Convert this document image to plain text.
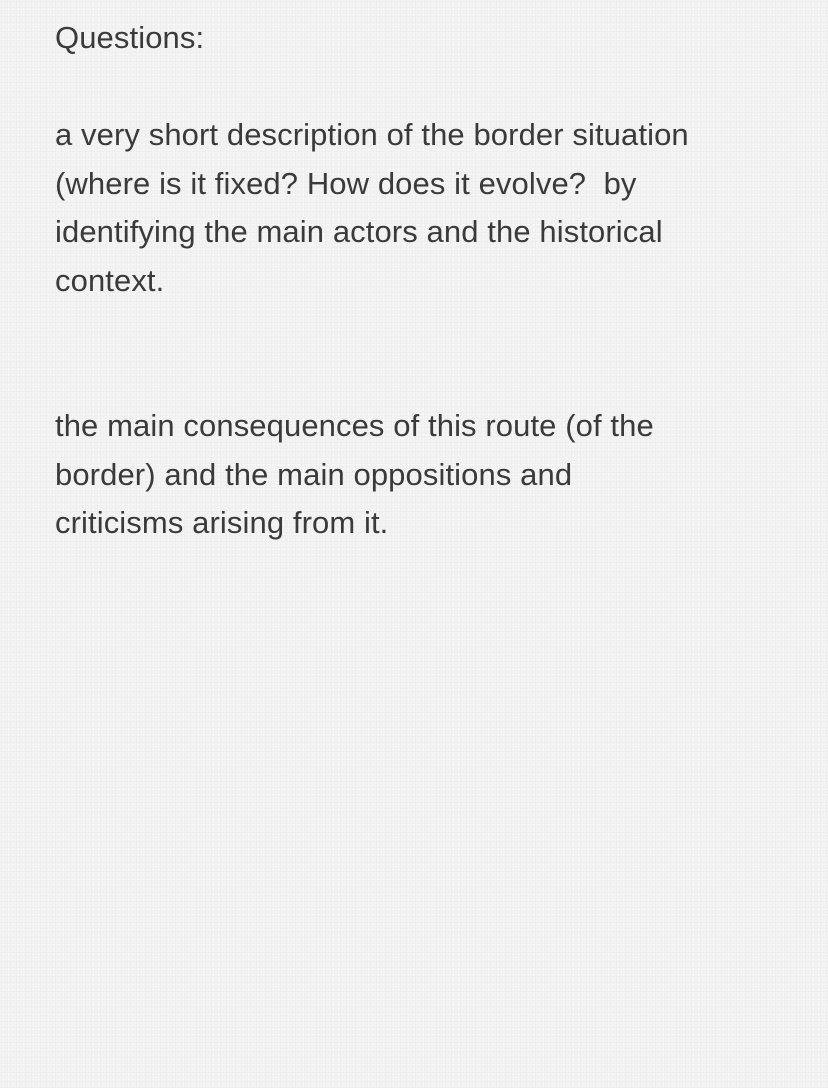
Questions:
a very short description of the border situation
(where is it fixed? How does it evolve?  by
identifying the main actors and the historical
context.
the main consequences of this route (of the
border) and the main oppositions and
criticisms arising from it.
